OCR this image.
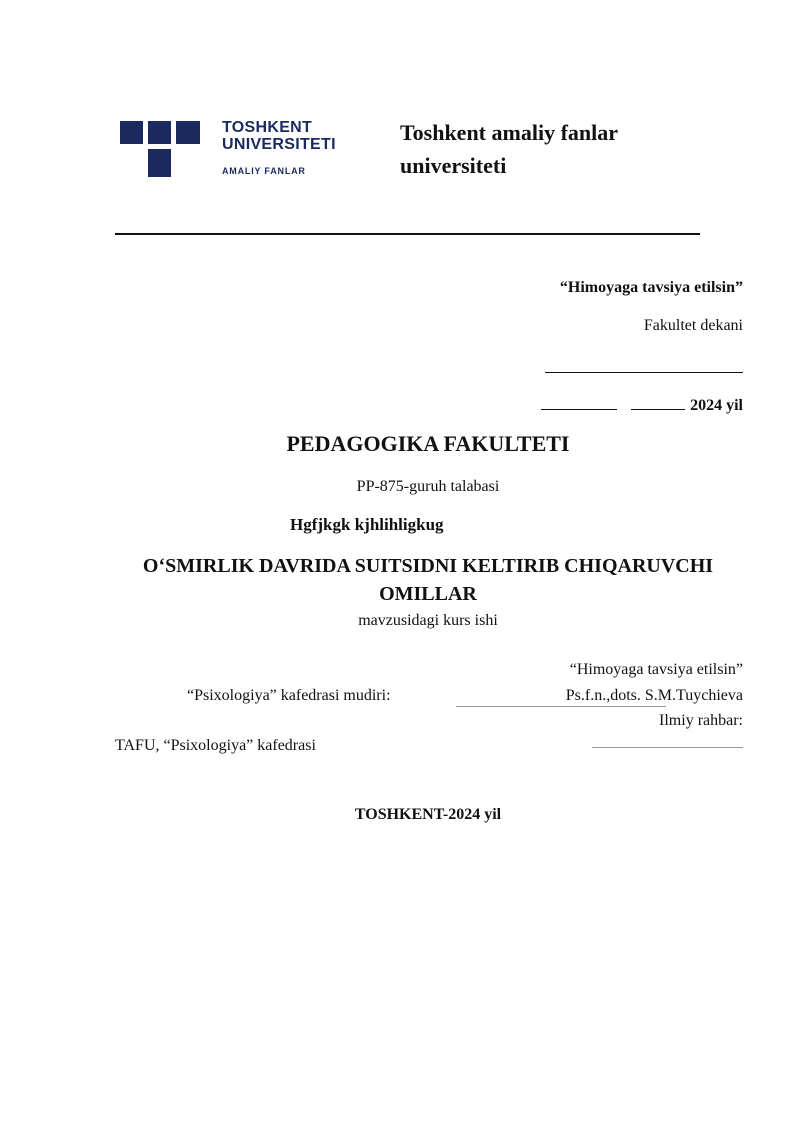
TOSHKENT
UNIVERSITETI
AMALIY FANLAR
Toshkent amaliy fanlar universiteti
“Himoyaga tavsiya etilsin”
Fakultet dekani
2024 yil
PEDAGOGIKA FAKULTETI
PP-875-guruh talabasi
Hgfjkgk kjhlihligkug
O‘SMIRLIK DAVRIDA SUITSIDNI KELTIRIB CHIQARUVCHI
OMILLAR
mavzusidagi kurs ishi
“Himoyaga tavsiya etilsin”
“Psixologiya” kafedrasi mudiri:	Ps.f.n.,dots. S.M.Tuychieva
Ilmiy rahbar:
TAFU, “Psixologiya” kafedrasi
TOSHKENT-2024 yil
